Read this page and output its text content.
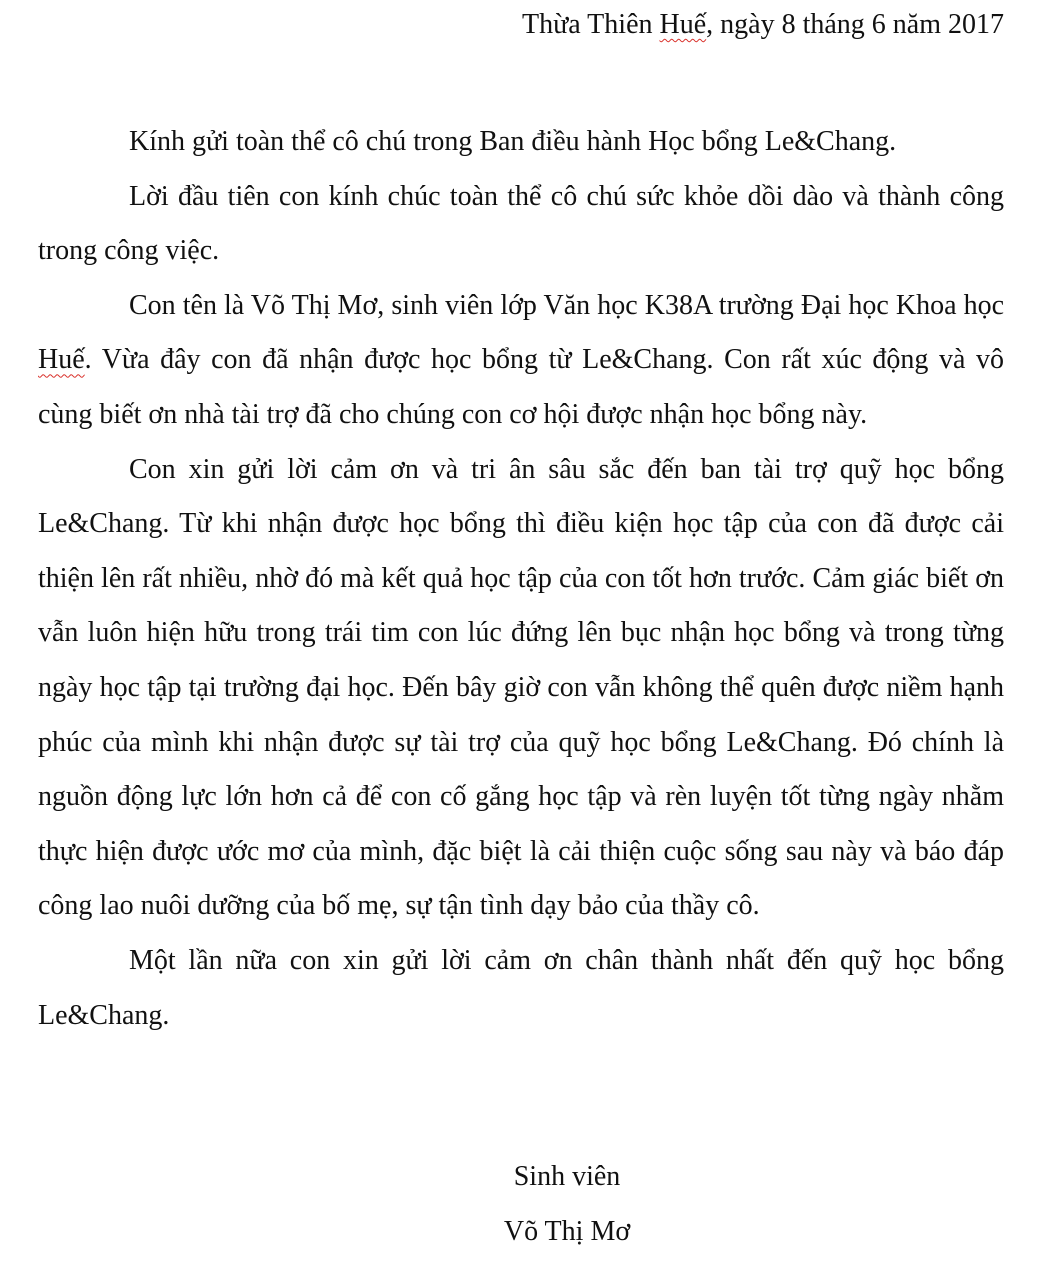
Thừa Thiên Huế, ngày 8 tháng 6 năm 2017

Kính gửi toàn thể cô chú trong Ban điều hành Học bổng Le&Chang.

Lời đầu tiên con kính chúc toàn thể cô chú sức khỏe dồi dào và thành công trong công việc.

Con tên là Võ Thị Mơ, sinh viên lớp Văn học K38A trường Đại học Khoa học Huế. Vừa đây con đã nhận được học bổng từ Le&Chang. Con rất xúc động và vô cùng biết ơn nhà tài trợ đã cho chúng con cơ hội được nhận học bổng này.

Con xin gửi lời cảm ơn và tri ân sâu sắc đến ban tài trợ quỹ học bổng Le&Chang. Từ khi nhận được học bổng thì điều kiện học tập của con đã được cải thiện lên rất nhiều, nhờ đó mà kết quả học tập của con tốt hơn trước. Cảm giác biết ơn vẫn luôn hiện hữu trong trái tim con lúc đứng lên bục nhận học bổng và trong từng ngày học tập tại trường đại học. Đến bây giờ con vẫn không thể quên được niềm hạnh phúc của mình khi nhận được sự tài trợ của quỹ học bổng Le&Chang. Đó chính là nguồn động lực lớn hơn cả để con cố gắng học tập và rèn luyện tốt từng ngày nhằm thực hiện được ước mơ của mình, đặc biệt là cải thiện cuộc sống sau này và báo đáp công lao nuôi dưỡng của bố mẹ, sự tận tình dạy bảo của thầy cô.

Một lần nữa con xin gửi lời cảm ơn chân thành nhất đến quỹ học bổng Le&Chang.

Sinh viên
Võ Thị Mơ
